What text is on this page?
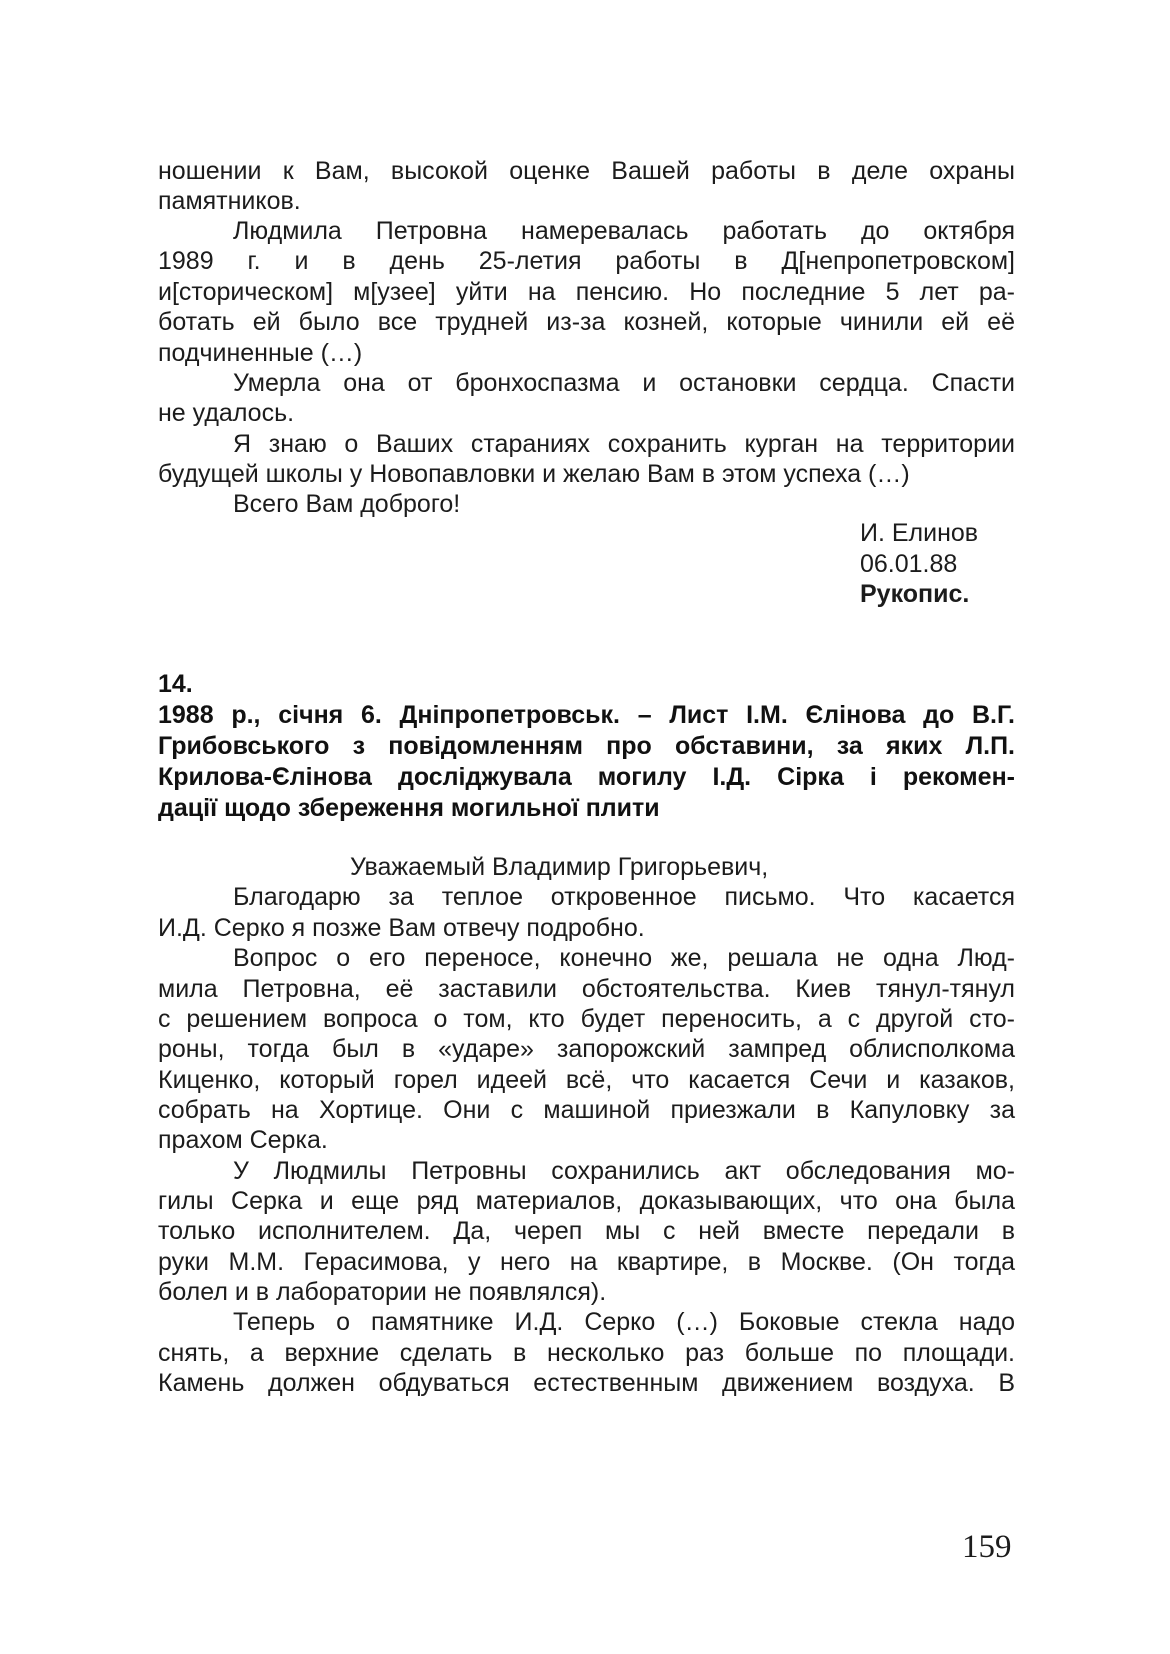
ношении к Вам, высокой оценке Вашей работы в деле охраны
памятников.
Людмила Петровна намеревалась работать до октября
1989 г. и в день 25-летия работы в Д[непропетровском]
и[сторическом] м[узее] уйти на пенсию. Но последние 5 лет ра-
ботать ей было все трудней из-за козней, которые чинили ей её
подчиненные (…)
Умерла она от бронхоспазма и остановки сердца. Спасти
не удалось.
Я знаю о Ваших стараниях сохранить курган на территории
будущей школы у Новопавловки и желаю Вам в этом успеха (…)
Всего Вам доброго!
И. Елинов
06.01.88
Рукопис.
14.
1988 р., січня 6. Дніпропетровськ. – Лист І.М. Єлінова до В.Г.
Грибовського з повідомленням про обставини, за яких Л.П.
Крилова-Єлінова досліджувала могилу І.Д. Сірка і рекомен-
дації щодо збереження могильної плити
Уважаемый Владимир Григорьевич,
Благодарю за теплое откровенное письмо. Что касается
И.Д. Серко я позже Вам отвечу подробно.
Вопрос о его переносе, конечно же, решала не одна Люд-
мила Петровна, её заставили обстоятельства. Киев тянул-тянул
с решением вопроса о том, кто будет переносить, а с другой сто-
роны, тогда был в «ударе» запорожский зампред облисполкома
Киценко, который горел идеей всё, что касается Сечи и казаков,
собрать на Хортице. Они с машиной приезжали в Капуловку за
прахом Серка.
У Людмилы Петровны сохранились акт обследования мо-
гилы Серка и еще ряд материалов, доказывающих, что она была
только исполнителем. Да, череп мы с ней вместе передали в
руки М.М. Герасимова, у него на квартире, в Москве. (Он тогда
болел и в лаборатории не появлялся).
Теперь о памятнике И.Д. Серко (…) Боковые стекла надо
снять, а верхние сделать в несколько раз больше по площади.
Камень должен обдуваться естественным движением воздуха. В
159
